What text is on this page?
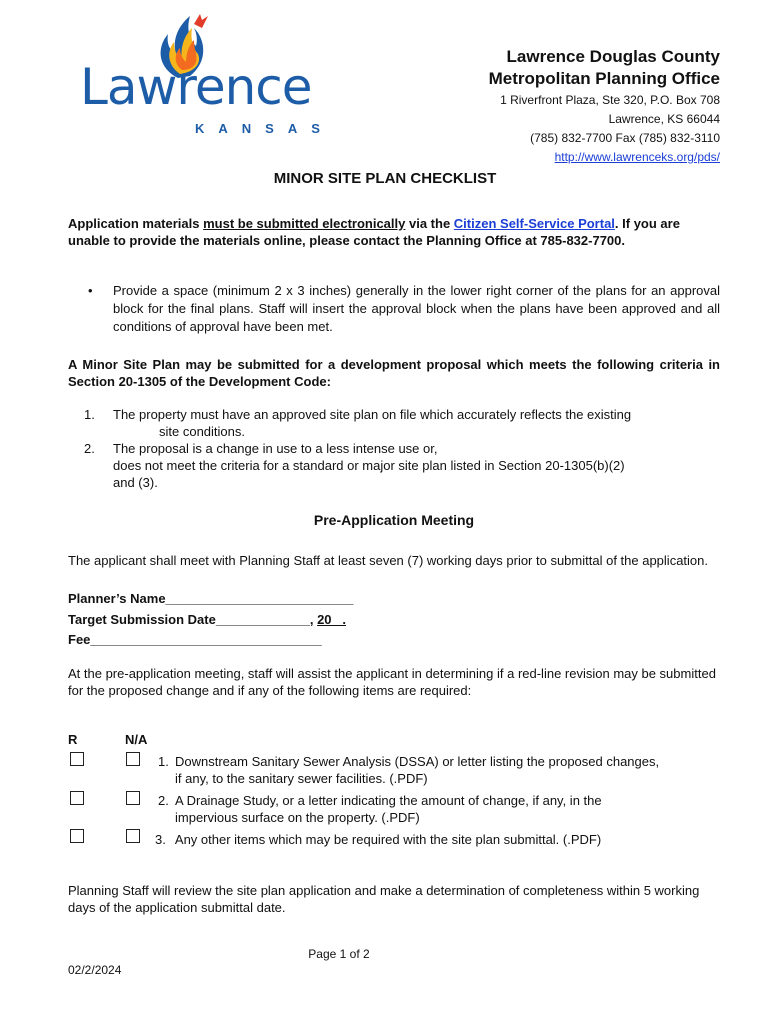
Lawrence
KANSAS
Lawrence Douglas County
Metropolitan Planning Office
1 Riverfront Plaza, Ste 320, P.O. Box 708
Lawrence, KS 66044
(785) 832-7700 Fax (785) 832-3110
http://www.lawrenceks.org/pds/
MINOR SITE PLAN CHECKLIST
Application materials must be submitted electronically via the Citizen Self-Service Portal. If you are unable to provide the materials online, please contact the Planning Office at 785-832-7700.
• Provide a space (minimum 2 x 3 inches) generally in the lower right corner of the plans for an approval block for the final plans. Staff will insert the approval block when the plans have been approved and all conditions of approval have been met.
A Minor Site Plan may be submitted for a development proposal which meets the following criteria in Section 20-1305 of the Development Code:
1. The property must have an approved site plan on file which accurately reflects the existing
site conditions.
2. The proposal is a change in use to a less intense use or,
does not meet the criteria for a standard or major site plan listed in Section 20-1305(b)(2)
and (3).
Pre-Application Meeting
The applicant shall meet with Planning Staff at least seven (7) working days prior to submittal of the application.
Planner’s Name__________________________
Target Submission Date_____________, 20   .
Fee________________________________
At the pre-application meeting, staff will assist the applicant in determining if a red-line revision may be submitted for the proposed change and if any of the following items are required:
R	N/A
1. Downstream Sanitary Sewer Analysis (DSSA) or letter listing the proposed changes,
if any, to the sanitary sewer facilities. (.PDF)
2. A Drainage Study, or a letter indicating the amount of change, if any, in the
impervious surface on the property. (.PDF)
3. Any other items which may be required with the site plan submittal. (.PDF)
Planning Staff will review the site plan application and make a determination of completeness within 5 working days of the application submittal date.
Page 1 of 2
02/2/2024
